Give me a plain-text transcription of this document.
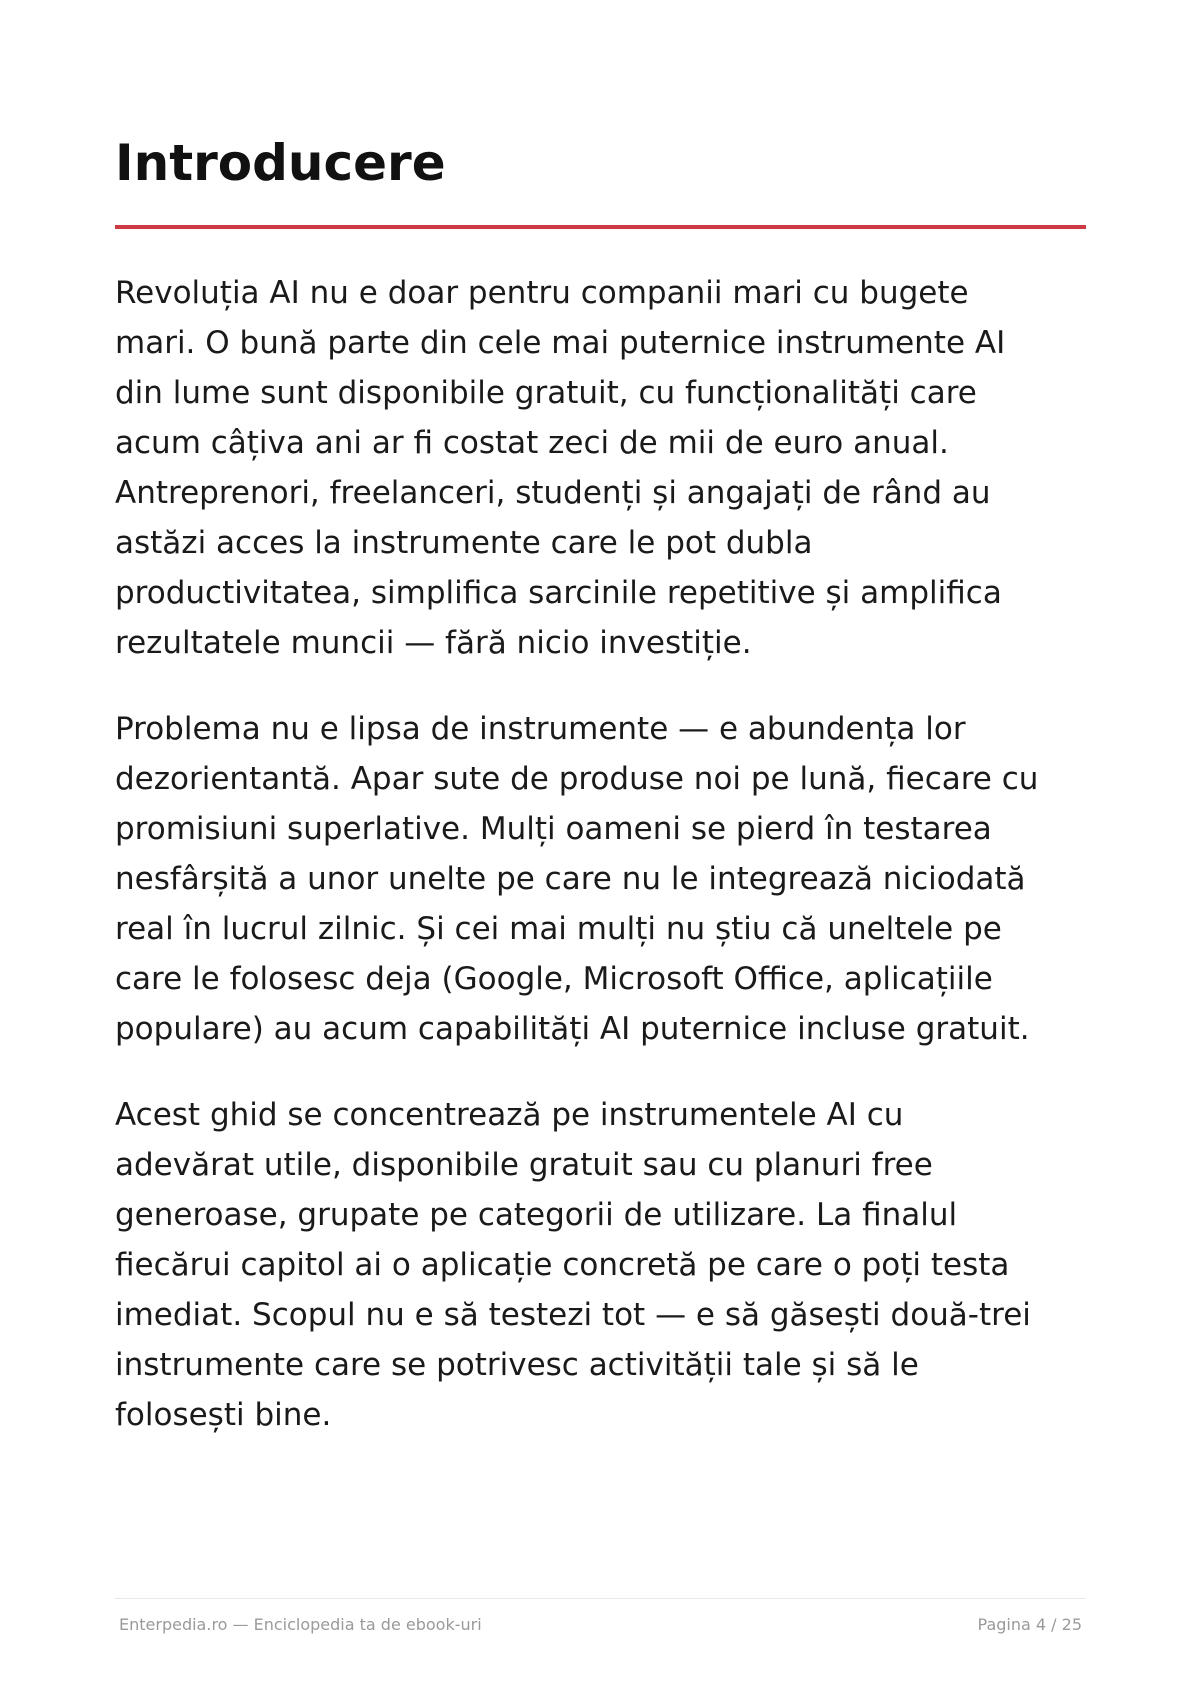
Introducere

Revoluția AI nu e doar pentru companii mari cu bugete
mari. O bună parte din cele mai puternice instrumente AI
din lume sunt disponibile gratuit, cu funcționalități care
acum câțiva ani ar fi costat zeci de mii de euro anual.
Antreprenori, freelanceri, studenți și angajați de rând au
astăzi acces la instrumente care le pot dubla
productivitatea, simplifica sarcinile repetitive și amplifica
rezultatele muncii — fără nicio investiție.

Problema nu e lipsa de instrumente — e abundența lor
dezorientantă. Apar sute de produse noi pe lună, fiecare cu
promisiuni superlative. Mulți oameni se pierd în testarea
nesfârșită a unor unelte pe care nu le integrează niciodată
real în lucrul zilnic. Și cei mai mulți nu știu că uneltele pe
care le folosesc deja (Google, Microsoft Office, aplicațiile
populare) au acum capabilități AI puternice incluse gratuit.

Acest ghid se concentrează pe instrumentele AI cu
adevărat utile, disponibile gratuit sau cu planuri free
generoase, grupate pe categorii de utilizare. La finalul
fiecărui capitol ai o aplicație concretă pe care o poți testa
imediat. Scopul nu e să testezi tot — e să găsești două-trei
instrumente care se potrivesc activității tale și să le
folosești bine.

Enterpedia.ro — Enciclopedia ta de ebook-uri	Pagina 4 / 25
